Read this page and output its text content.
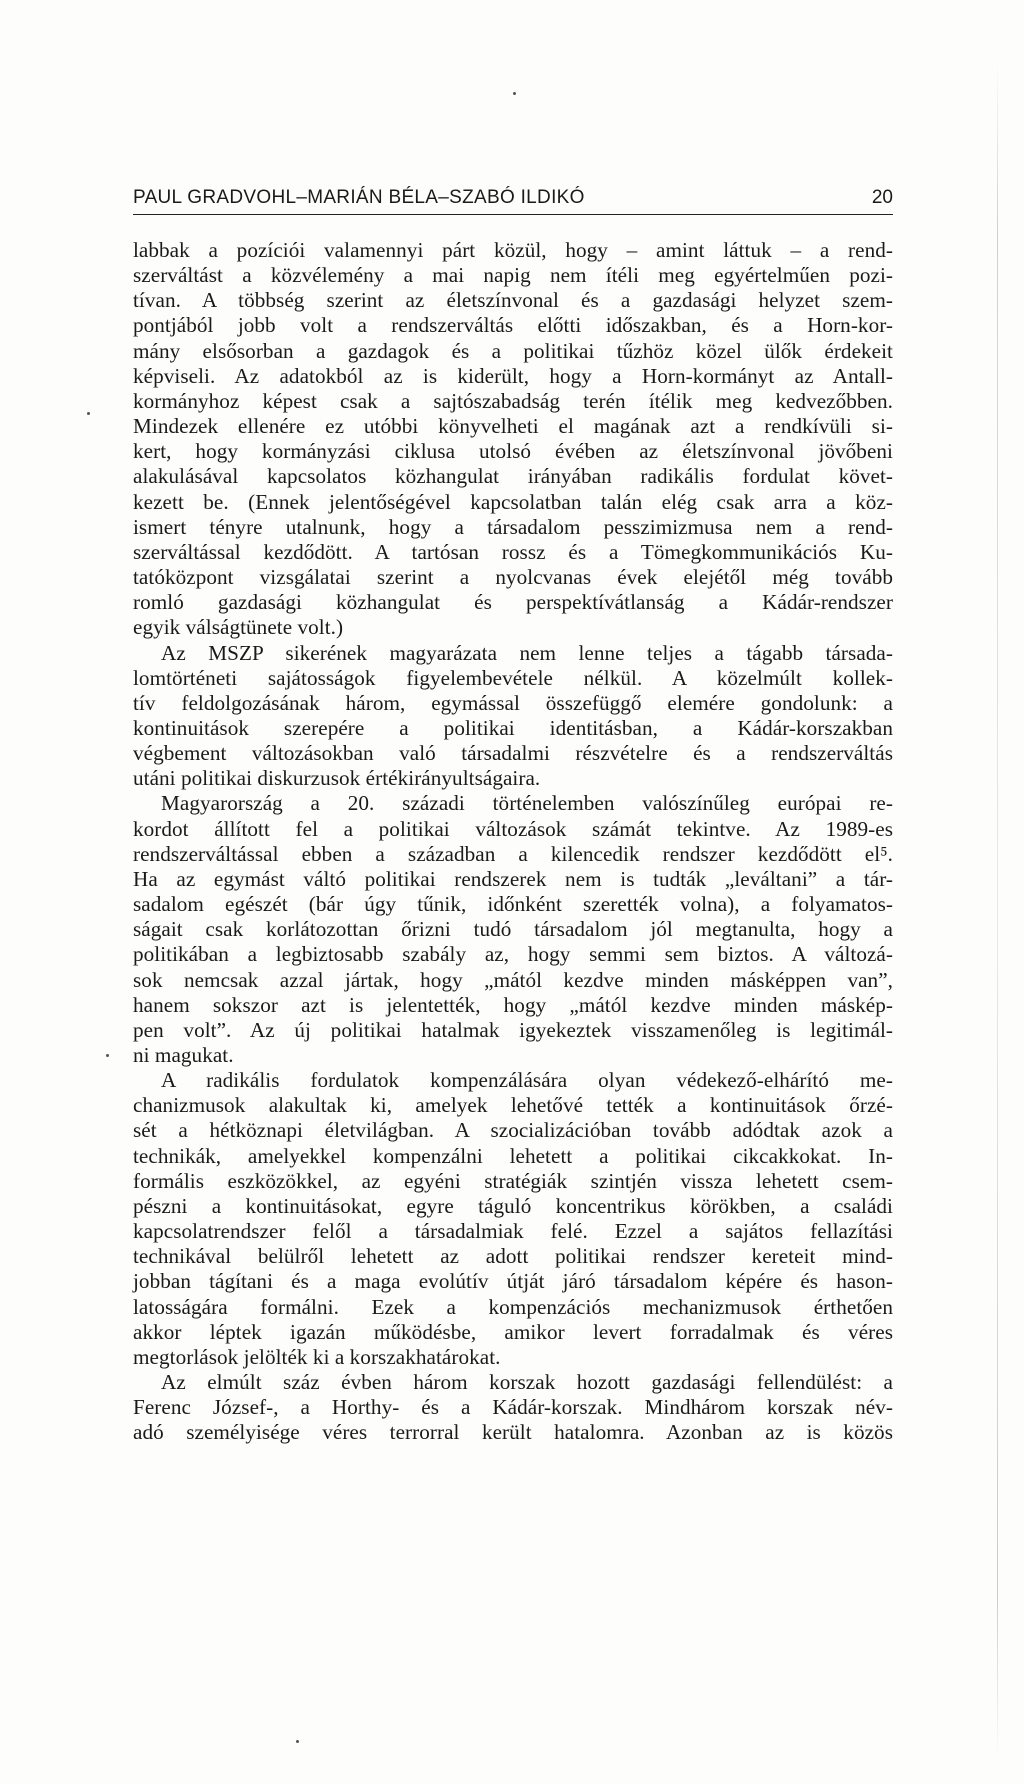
PAUL GRADVOHL–MARIÁN BÉLA–SZABÓ ILDIKÓ	20
labbak a pozíciói valamennyi párt közül, hogy – amint láttuk – a rend-
szerváltást a közvélemény a mai napig nem ítéli meg egyértelműen pozi-
tívan. A többség szerint az életszínvonal és a gazdasági helyzet szem-
pontjából jobb volt a rendszerváltás előtti időszakban, és a Horn-kor-
mány elsősorban a gazdagok és a politikai tűzhöz közel ülők érdekeit
képviseli. Az adatokból az is kiderült, hogy a Horn-kormányt az Antall-
kormányhoz képest csak a sajtószabadság terén ítélik meg kedvezőbben.
Mindezek ellenére ez utóbbi könyvelheti el magának azt a rendkívüli si-
kert, hogy kormányzási ciklusa utolsó évében az életszínvonal jövőbeni
alakulásával kapcsolatos közhangulat irányában radikális fordulat követ-
kezett be. (Ennek jelentőségével kapcsolatban talán elég csak arra a köz-
ismert tényre utalnunk, hogy a társadalom pesszimizmusa nem a rend-
szerváltással kezdődött. A tartósan rossz és a Tömegkommunikációs Ku-
tatóközpont vizsgálatai szerint a nyolcvanas évek elejétől még tovább
romló gazdasági közhangulat és perspektívátlanság a Kádár-rendszer
egyik válságtünete volt.)
Az MSZP sikerének magyarázata nem lenne teljes a tágabb társada-
lomtörténeti sajátosságok figyelembevétele nélkül. A közelmúlt kollek-
tív feldolgozásának három, egymással összefüggő elemére gondolunk: a
kontinuitások szerepére a politikai identitásban, a Kádár-korszakban
végbement változásokban való társadalmi részvételre és a rendszerváltás
utáni politikai diskurzusok értékirányultságaira.
Magyarország a 20. századi történelemben valószínűleg európai re-
kordot állított fel a politikai változások számát tekintve. Az 1989-es
rendszerváltással ebben a században a kilencedik rendszer kezdődött el⁵.
Ha az egymást váltó politikai rendszerek nem is tudták „leváltani” a tár-
sadalom egészét (bár úgy tűnik, időnként szerették volna), a folyamatos-
ságait csak korlátozottan őrizni tudó társadalom jól megtanulta, hogy a
politikában a legbiztosabb szabály az, hogy semmi sem biztos. A változá-
sok nemcsak azzal jártak, hogy „mától kezdve minden másképpen van”,
hanem sokszor azt is jelentették, hogy „mától kezdve minden máskép-
pen volt”. Az új politikai hatalmak igyekeztek visszamenőleg is legitimál-
ni magukat.
A radikális fordulatok kompenzálására olyan védekező-elhárító me-
chanizmusok alakultak ki, amelyek lehetővé tették a kontinuitások őrzé-
sét a hétköznapi életvilágban. A szocializációban tovább adódtak azok a
technikák, amelyekkel kompenzálni lehetett a politikai cikcakkokat. In-
formális eszközökkel, az egyéni stratégiák szintjén vissza lehetett csem-
pészni a kontinuitásokat, egyre táguló koncentrikus körökben, a családi
kapcsolatrendszer felől a társadalmiak felé. Ezzel a sajátos fellazítási
technikával belülről lehetett az adott politikai rendszer kereteit mind-
jobban tágítani és a maga evolútív útját járó társadalom képére és hason-
latosságára formálni. Ezek a kompenzációs mechanizmusok érthetően
akkor léptek igazán működésbe, amikor levert forradalmak és véres
megtorlások jelölték ki a korszakhatárokat.
Az elmúlt száz évben három korszak hozott gazdasági fellendülést: a
Ferenc József-, a Horthy- és a Kádár-korszak. Mindhárom korszak név-
adó személyisége véres terrorral került hatalomra. Azonban az is közös
